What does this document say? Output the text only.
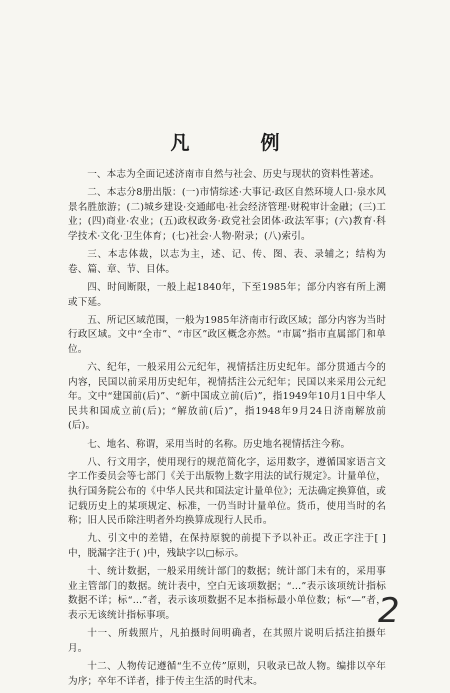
凡　例

一、本志为全面记述济南市自然与社会、历史与现状的资料性著述。

二、本志分8册出版：(一)市情综述·大事记·政区自然环境人口·泉水风景名胜旅游；(二)城乡建设·交通邮电·社会经济管理·财税审计金融；(三)工业；(四)商业·农业；(五)政权政务·政党社会团体·政法军事；(六)教育·科学技术·文化·卫生体育；(七)社会·人物·附录；(八)索引。

三、本志体裁，以志为主，述、记、传、图、表、录辅之；结构为卷、篇、章、节、目体。

四、时间断限，一般上起1840年，下至1985年；部分内容有所上溯或下延。

五、所记区域范围，一般为1985年济南市行政区域；部分内容为当时行政区域。文中“全市”、“市区”政区概念亦然。“市属”指市直属部门和单位。

六、纪年，一般采用公元纪年，视情括注历史纪年。部分贯通古今的内容，民国以前采用历史纪年，视情括注公元纪年；民国以来采用公元纪年。文中“建国前(后)”、“新中国成立前(后)”，指1949年10月1日中华人民共和国成立前(后)；“解放前(后)”，指1948年9月24日济南解放前(后)。

七、地名、称谓，采用当时的名称。历史地名视情括注今称。

八、行文用字，使用现行的规范简化字，运用数字，遵循国家语言文字工作委员会等七部门《关于出版物上数字用法的试行规定》。计量单位，执行国务院公布的《中华人民共和国法定计量单位》；无法确定换算值，或记载历史上的某项规定、标准，一仍当时计量单位。货币，使用当时的名称；旧人民币除注明者外均换算成现行人民币。

九、引文中的差错，在保持原貌的前提下予以补正。改正字注于[ ]中，脱漏字注于( )中，残缺字以□标示。

十、统计数据，一般采用统计部门的数据；统计部门未有的，采用事业主管部门的数据。统计表中，空白无该项数据；“…”表示该项统计指标数据不详；标“…”者，表示该项数据不足本指标最小单位数；标“—”者，表示无该统计指标事项。

十一、所载照片，凡拍摄时间明确者，在其照片说明后括注拍摄年月。

十二、人物传记遵循“生不立传”原则，只收录已故人物。编排以卒年为序；卒年不详者，排于传主生活的时代末。

2
